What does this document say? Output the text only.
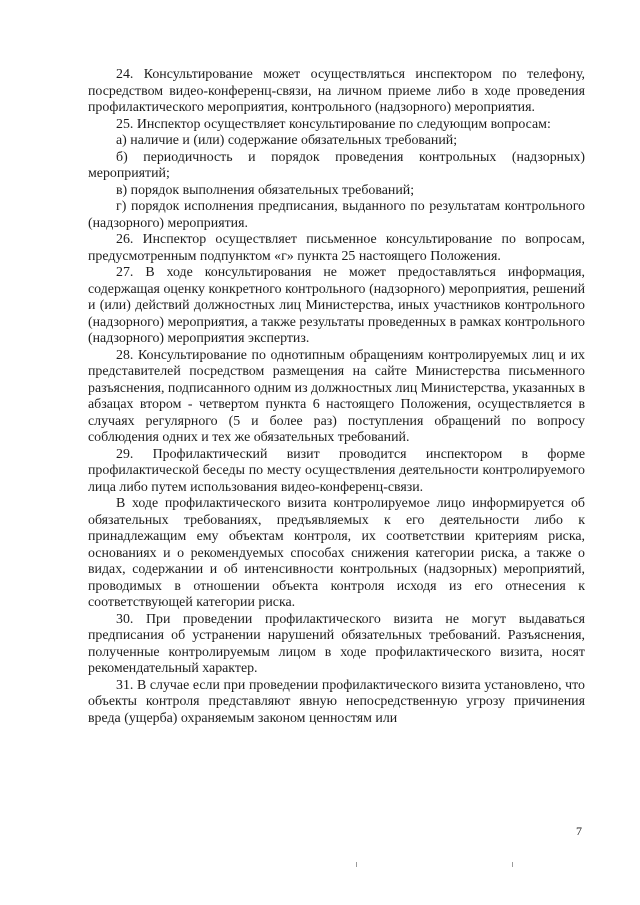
24. Консультирование может осуществляться инспектором по телефону, посредством видео-конференц-связи, на личном приеме либо в ходе проведения профилактического мероприятия, контрольного (надзорного) мероприятия.

25. Инспектор осуществляет консультирование по следующим вопросам:

а) наличие и (или) содержание обязательных требований;

б) периодичность и порядок проведения контрольных (надзорных) мероприятий;

в) порядок выполнения обязательных требований;

г) порядок исполнения предписания, выданного по результатам контрольного (надзорного) мероприятия.

26. Инспектор осуществляет письменное консультирование по вопросам, предусмотренным подпунктом «г» пункта 25 настоящего Положения.

27. В ходе консультирования не может предоставляться информация, содержащая оценку конкретного контрольного (надзорного) мероприятия, решений и (или) действий должностных лиц Министерства, иных участников контрольного (надзорного) мероприятия, а также результаты проведенных в рамках контрольного (надзорного) мероприятия экспертиз.

28. Консультирование по однотипным обращениям контролируемых лиц и их представителей посредством размещения на сайте Министерства письменного разъяснения, подписанного одним из должностных лиц Министерства, указанных в абзацах втором - четвертом пункта 6 настоящего Положения, осуществляется в случаях регулярного (5 и более раз) поступления обращений по вопросу соблюдения одних и тех же обязательных требований.

29. Профилактический визит проводится инспектором в форме профилактической беседы по месту осуществления деятельности контролируемого лица либо путем использования видео-конференц-связи.

В ходе профилактического визита контролируемое лицо информируется об обязательных требованиях, предъявляемых к его деятельности либо к принадлежащим ему объектам контроля, их соответствии критериям риска, основаниях и о рекомендуемых способах снижения категории риска, а также о видах, содержании и об интенсивности контрольных (надзорных) мероприятий, проводимых в отношении объекта контроля исходя из его отнесения к соответствующей категории риска.

30. При проведении профилактического визита не могут выдаваться предписания об устранении нарушений обязательных требований. Разъяснения, полученные контролируемым лицом в ходе профилактического визита, носят рекомендательный характер.

31. В случае если при проведении профилактического визита установлено, что объекты контроля представляют явную непосредственную угрозу причинения вреда (ущерба) охраняемым законом ценностям или

7
